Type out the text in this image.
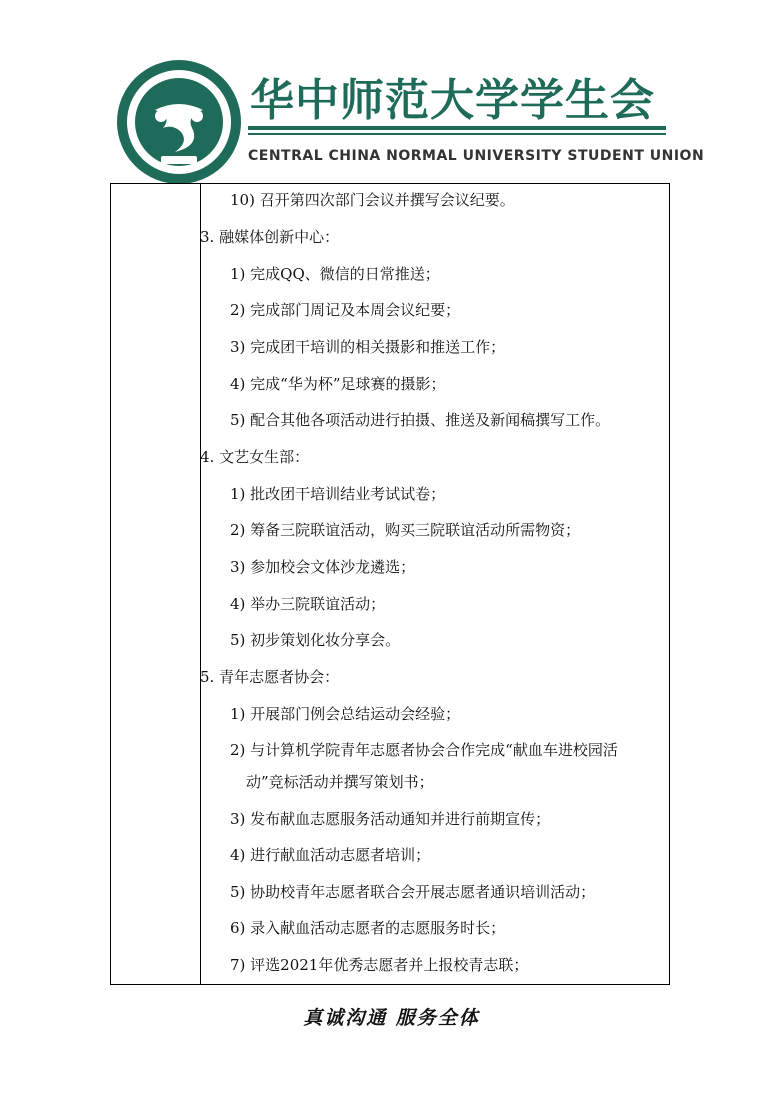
华中师范大学学生会
CENTRAL CHINA NORMAL UNIVERSITY STUDENT UNION
10) 召开第四次部门会议并撰写会议纪要。
3. 融媒体创新中心：
1) 完成QQ、微信的日常推送；
2) 完成部门周记及本周会议纪要；
3) 完成团干培训的相关摄影和推送工作；
4) 完成“华为杯”足球赛的摄影；
5) 配合其他各项活动进行拍摄、推送及新闻稿撰写工作。
4. 文艺女生部：
1) 批改团干培训结业考试试卷；
2) 筹备三院联谊活动，购买三院联谊活动所需物资；
3) 参加校会文体沙龙遴选；
4) 举办三院联谊活动；
5) 初步策划化妆分享会。
5. 青年志愿者协会：
1) 开展部门例会总结运动会经验；
2) 与计算机学院青年志愿者协会合作完成“献血车进校园活
动”竞标活动并撰写策划书；
3) 发布献血志愿服务活动通知并进行前期宣传；
4) 进行献血活动志愿者培训；
5) 协助校青年志愿者联合会开展志愿者通识培训活动；
6) 录入献血活动志愿者的志愿服务时长；
7) 评选2021年优秀志愿者并上报校青志联；
真诚沟通 服务全体
